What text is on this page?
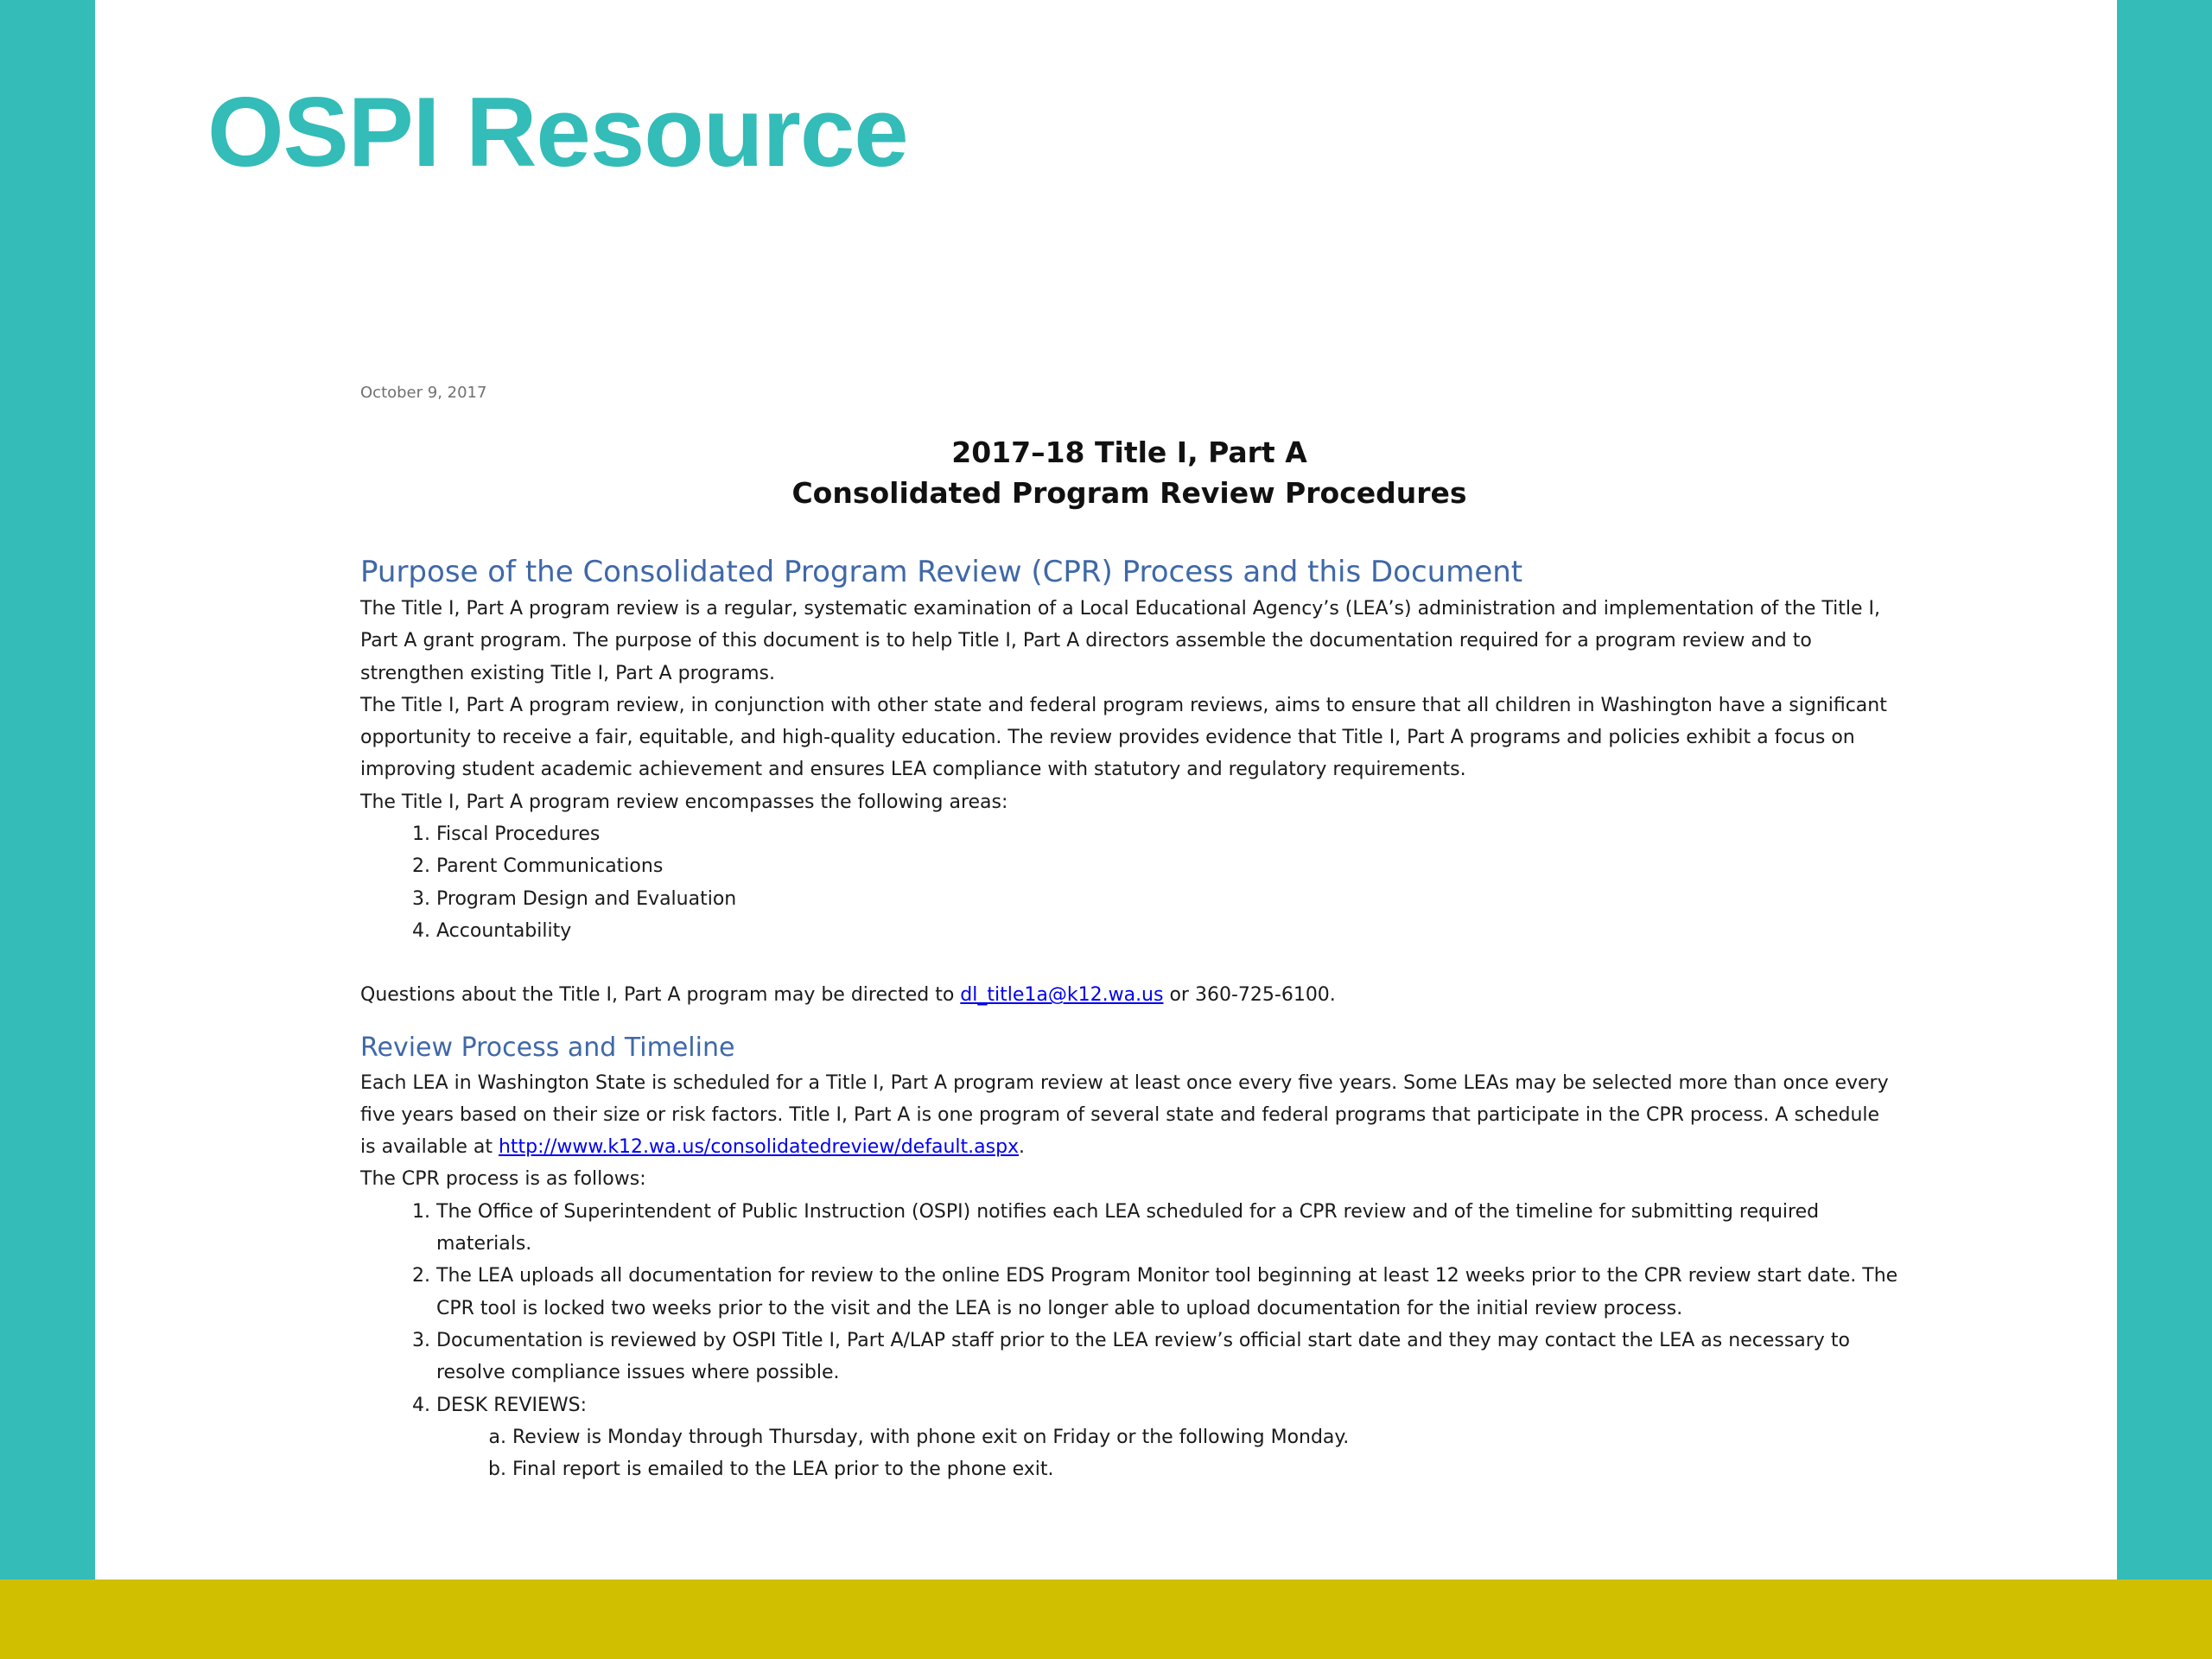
OSPI Resource

October 9, 2017

2017–18 Title I, Part A
Consolidated Program Review Procedures
Purpose of the Consolidated Program Review (CPR) Process and this Document

The Title I, Part A program review is a regular, systematic examination of a Local Educational Agency’s (LEA’s) administration and implementation of the Title I, Part A grant program. The purpose of this document is to help Title I, Part A directors assemble the documentation required for a program review and to strengthen existing Title I, Part A programs.

The Title I, Part A program review, in conjunction with other state and federal program reviews, aims to ensure that all children in Washington have a significant opportunity to receive a fair, equitable, and high-quality education. The review provides evidence that Title I, Part A programs and policies exhibit a focus on improving student academic achievement and ensures LEA compliance with statutory and regulatory requirements.

The Title I, Part A program review encompasses the following areas:

1. Fiscal Procedures
2. Parent Communications
3. Program Design and Evaluation
4. Accountability

Questions about the Title I, Part A program may be directed to dl_title1a@k12.wa.us or 360-725-6100.

Review Process and Timeline

Each LEA in Washington State is scheduled for a Title I, Part A program review at least once every five years. Some LEAs may be selected more than once every five years based on their size or risk factors. Title I, Part A is one program of several state and federal programs that participate in the CPR process. A schedule is available at http://www.k12.wa.us/consolidatedreview/default.aspx.

The CPR process is as follows:

1. The Office of Superintendent of Public Instruction (OSPI) notifies each LEA scheduled for a CPR review and of the timeline for submitting required materials.
2. The LEA uploads all documentation for review to the online EDS Program Monitor tool beginning at least 12 weeks prior to the CPR review start date. The CPR tool is locked two weeks prior to the visit and the LEA is no longer able to upload documentation for the initial review process.
3. Documentation is reviewed by OSPI Title I, Part A/LAP staff prior to the LEA review’s official start date and they may contact the LEA as necessary to resolve compliance issues where possible.
4. DESK REVIEWS:
a. Review is Monday through Thursday, with phone exit on Friday or the following Monday.
b. Final report is emailed to the LEA prior to the phone exit.
